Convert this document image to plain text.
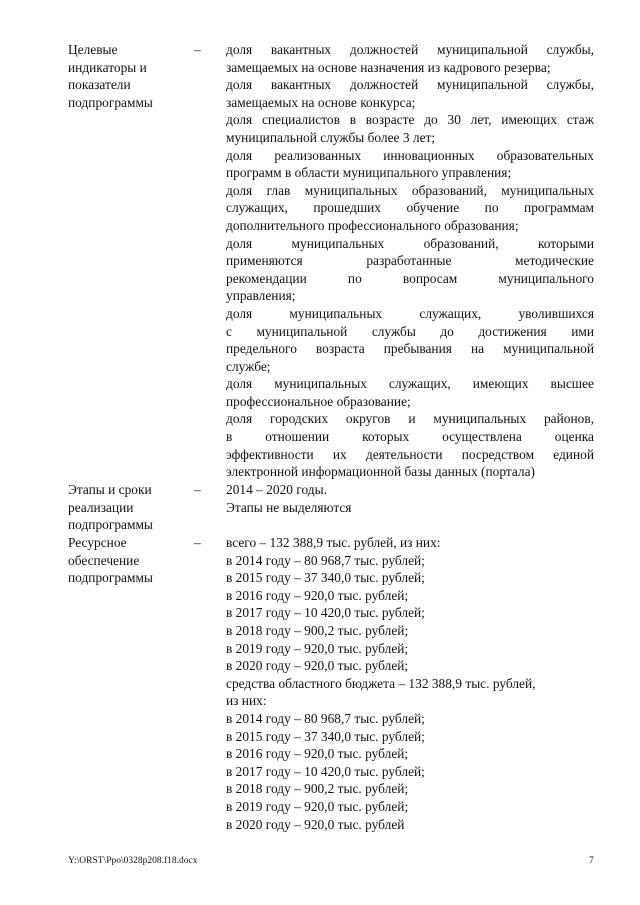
Целевые
индикаторы и
показатели
подпрограммы
– доля вакантных должностей муниципальной службы,
замещаемых на основе назначения из кадрового резерва;
доля вакантных должностей муниципальной службы,
замещаемых на основе конкурса;
доля специалистов в возрасте до 30 лет, имеющих стаж
муниципальной службы более 3 лет;
доля реализованных инновационных образовательных
программ в области муниципального управления;
доля глав муниципальных образований, муниципальных
служащих, прошедших обучение по программам
дополнительного профессионального образования;
доля муниципальных образований, которыми
применяются разработанные методические
рекомендации по вопросам муниципального
управления;
доля муниципальных служащих, уволившихся
с муниципальной службы до достижения ими
предельного возраста пребывания на муниципальной
службе;
доля муниципальных служащих, имеющих высшее
профессиональное образование;
доля городских округов и муниципальных районов,
в отношении которых осуществлена оценка
эффективности их деятельности посредством единой
электронной информационной базы данных (портала)
Этапы и сроки
реализации
подпрограммы
– 2014 – 2020 годы.
Этапы не выделяются
Ресурсное
обеспечение
подпрограммы
– всего – 132 388,9 тыс. рублей, из них:
в 2014 году – 80 968,7 тыс. рублей;
в 2015 году – 37 340,0 тыс. рублей;
в 2016 году – 920,0 тыс. рублей;
в 2017 году – 10 420,0 тыс. рублей;
в 2018 году – 900,2 тыс. рублей;
в 2019 году – 920,0 тыс. рублей;
в 2020 году – 920,0 тыс. рублей;
средства областного бюджета – 132 388,9 тыс. рублей,
из них:
в 2014 году – 80 968,7 тыс. рублей;
в 2015 году – 37 340,0 тыс. рублей;
в 2016 году – 920,0 тыс. рублей;
в 2017 году – 10 420,0 тыс. рублей;
в 2018 году – 900,2 тыс. рублей;
в 2019 году – 920,0 тыс. рублей;
в 2020 году – 920,0 тыс. рублей
Y:\ORST\Ppo\0328p208.f18.docx	7
